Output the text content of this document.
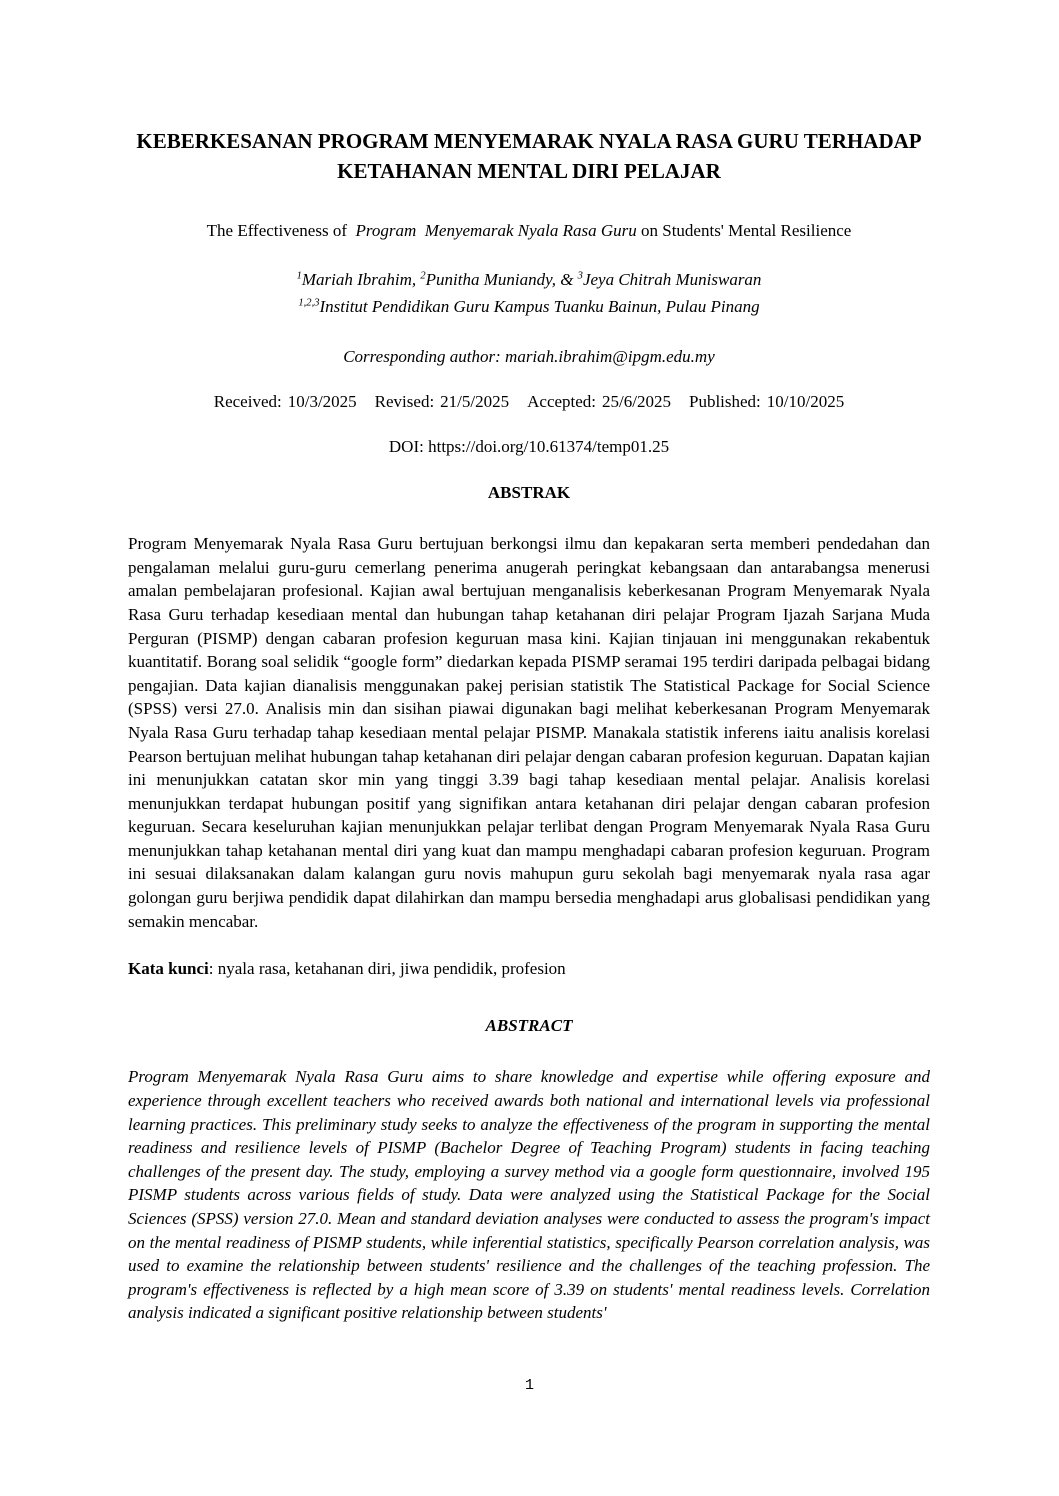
KEBERKESANAN PROGRAM MENYEMARAK NYALA RASA GURU TERHADAP
KETAHANAN MENTAL DIRI PELAJAR

The Effectiveness of  Program  Menyemarak Nyala Rasa Guru on Students' Mental Resilience

$^1$Mariah Ibrahim, $^2$Punitha Muniandy, & $^3$Jeya Chitrah Muniswaran

$^{1,2,3}$Institut Pendidikan Guru Kampus Tuanku Bainun, Pulau Pinang

Corresponding author: mariah.ibrahim@ipgm.edu.my

Received: 10/3/2025 Revised: 21/5/2025 Accepted: 25/6/2025 Published: 10/10/2025

DOI: https://doi.org/10.61374/temp01.25

ABSTRAK

Program Menyemarak Nyala Rasa Guru bertujuan berkongsi ilmu dan kepakaran serta memberi pendedahan dan pengalaman melalui guru-guru cemerlang penerima anugerah peringkat kebangsaan dan antarabangsa menerusi amalan pembelajaran profesional. Kajian awal bertujuan menganalisis keberkesanan Program Menyemarak Nyala Rasa Guru terhadap kesediaan mental dan hubungan tahap ketahanan diri pelajar Program Ijazah Sarjana Muda Perguran (PISMP) dengan cabaran profesion keguruan masa kini. Kajian tinjauan ini menggunakan rekabentuk kuantitatif. Borang soal selidik “google form” diedarkan kepada PISMP seramai 195 terdiri daripada pelbagai bidang pengajian. Data kajian dianalisis menggunakan pakej perisian statistik The Statistical Package for Social Science (SPSS) versi 27.0. Analisis min dan sisihan piawai digunakan bagi melihat keberkesanan Program Menyemarak Nyala Rasa Guru terhadap tahap kesediaan mental pelajar PISMP. Manakala statistik inferens iaitu analisis korelasi Pearson bertujuan melihat hubungan tahap ketahanan diri pelajar dengan cabaran profesion keguruan. Dapatan kajian ini menunjukkan catatan skor min yang tinggi 3.39 bagi tahap kesediaan mental pelajar. Analisis korelasi menunjukkan terdapat hubungan positif yang signifikan antara ketahanan diri pelajar dengan cabaran profesion keguruan. Secara keseluruhan kajian menunjukkan pelajar terlibat dengan Program Menyemarak Nyala Rasa Guru menunjukkan tahap ketahanan mental diri yang kuat dan mampu menghadapi cabaran profesion keguruan. Program ini sesuai dilaksanakan dalam kalangan guru novis mahupun guru sekolah bagi menyemarak nyala rasa agar golongan guru berjiwa pendidik dapat dilahirkan dan mampu bersedia menghadapi arus globalisasi pendidikan yang semakin mencabar.

Kata kunci: nyala rasa, ketahanan diri, jiwa pendidik, profesion

ABSTRACT

Program Menyemarak Nyala Rasa Guru aims to share knowledge and expertise while offering exposure and experience through excellent teachers who received awards both national and international levels via professional learning practices. This preliminary study seeks to analyze the effectiveness of the program in supporting the mental readiness and resilience levels of PISMP (Bachelor Degree of Teaching Program) students in facing teaching challenges of the present day. The study, employing a survey method via a google form questionnaire, involved 195 PISMP students across various fields of study. Data were analyzed using the Statistical Package for the Social Sciences (SPSS) version 27.0. Mean and standard deviation analyses were conducted to assess the program's impact on the mental readiness of PISMP students, while inferential statistics, specifically Pearson correlation analysis, was used to examine the relationship between students' resilience and the challenges of the teaching profession. The program's effectiveness is reflected by a high mean score of 3.39 on students' mental readiness levels. Correlation analysis indicated a significant positive relationship between students'

1
